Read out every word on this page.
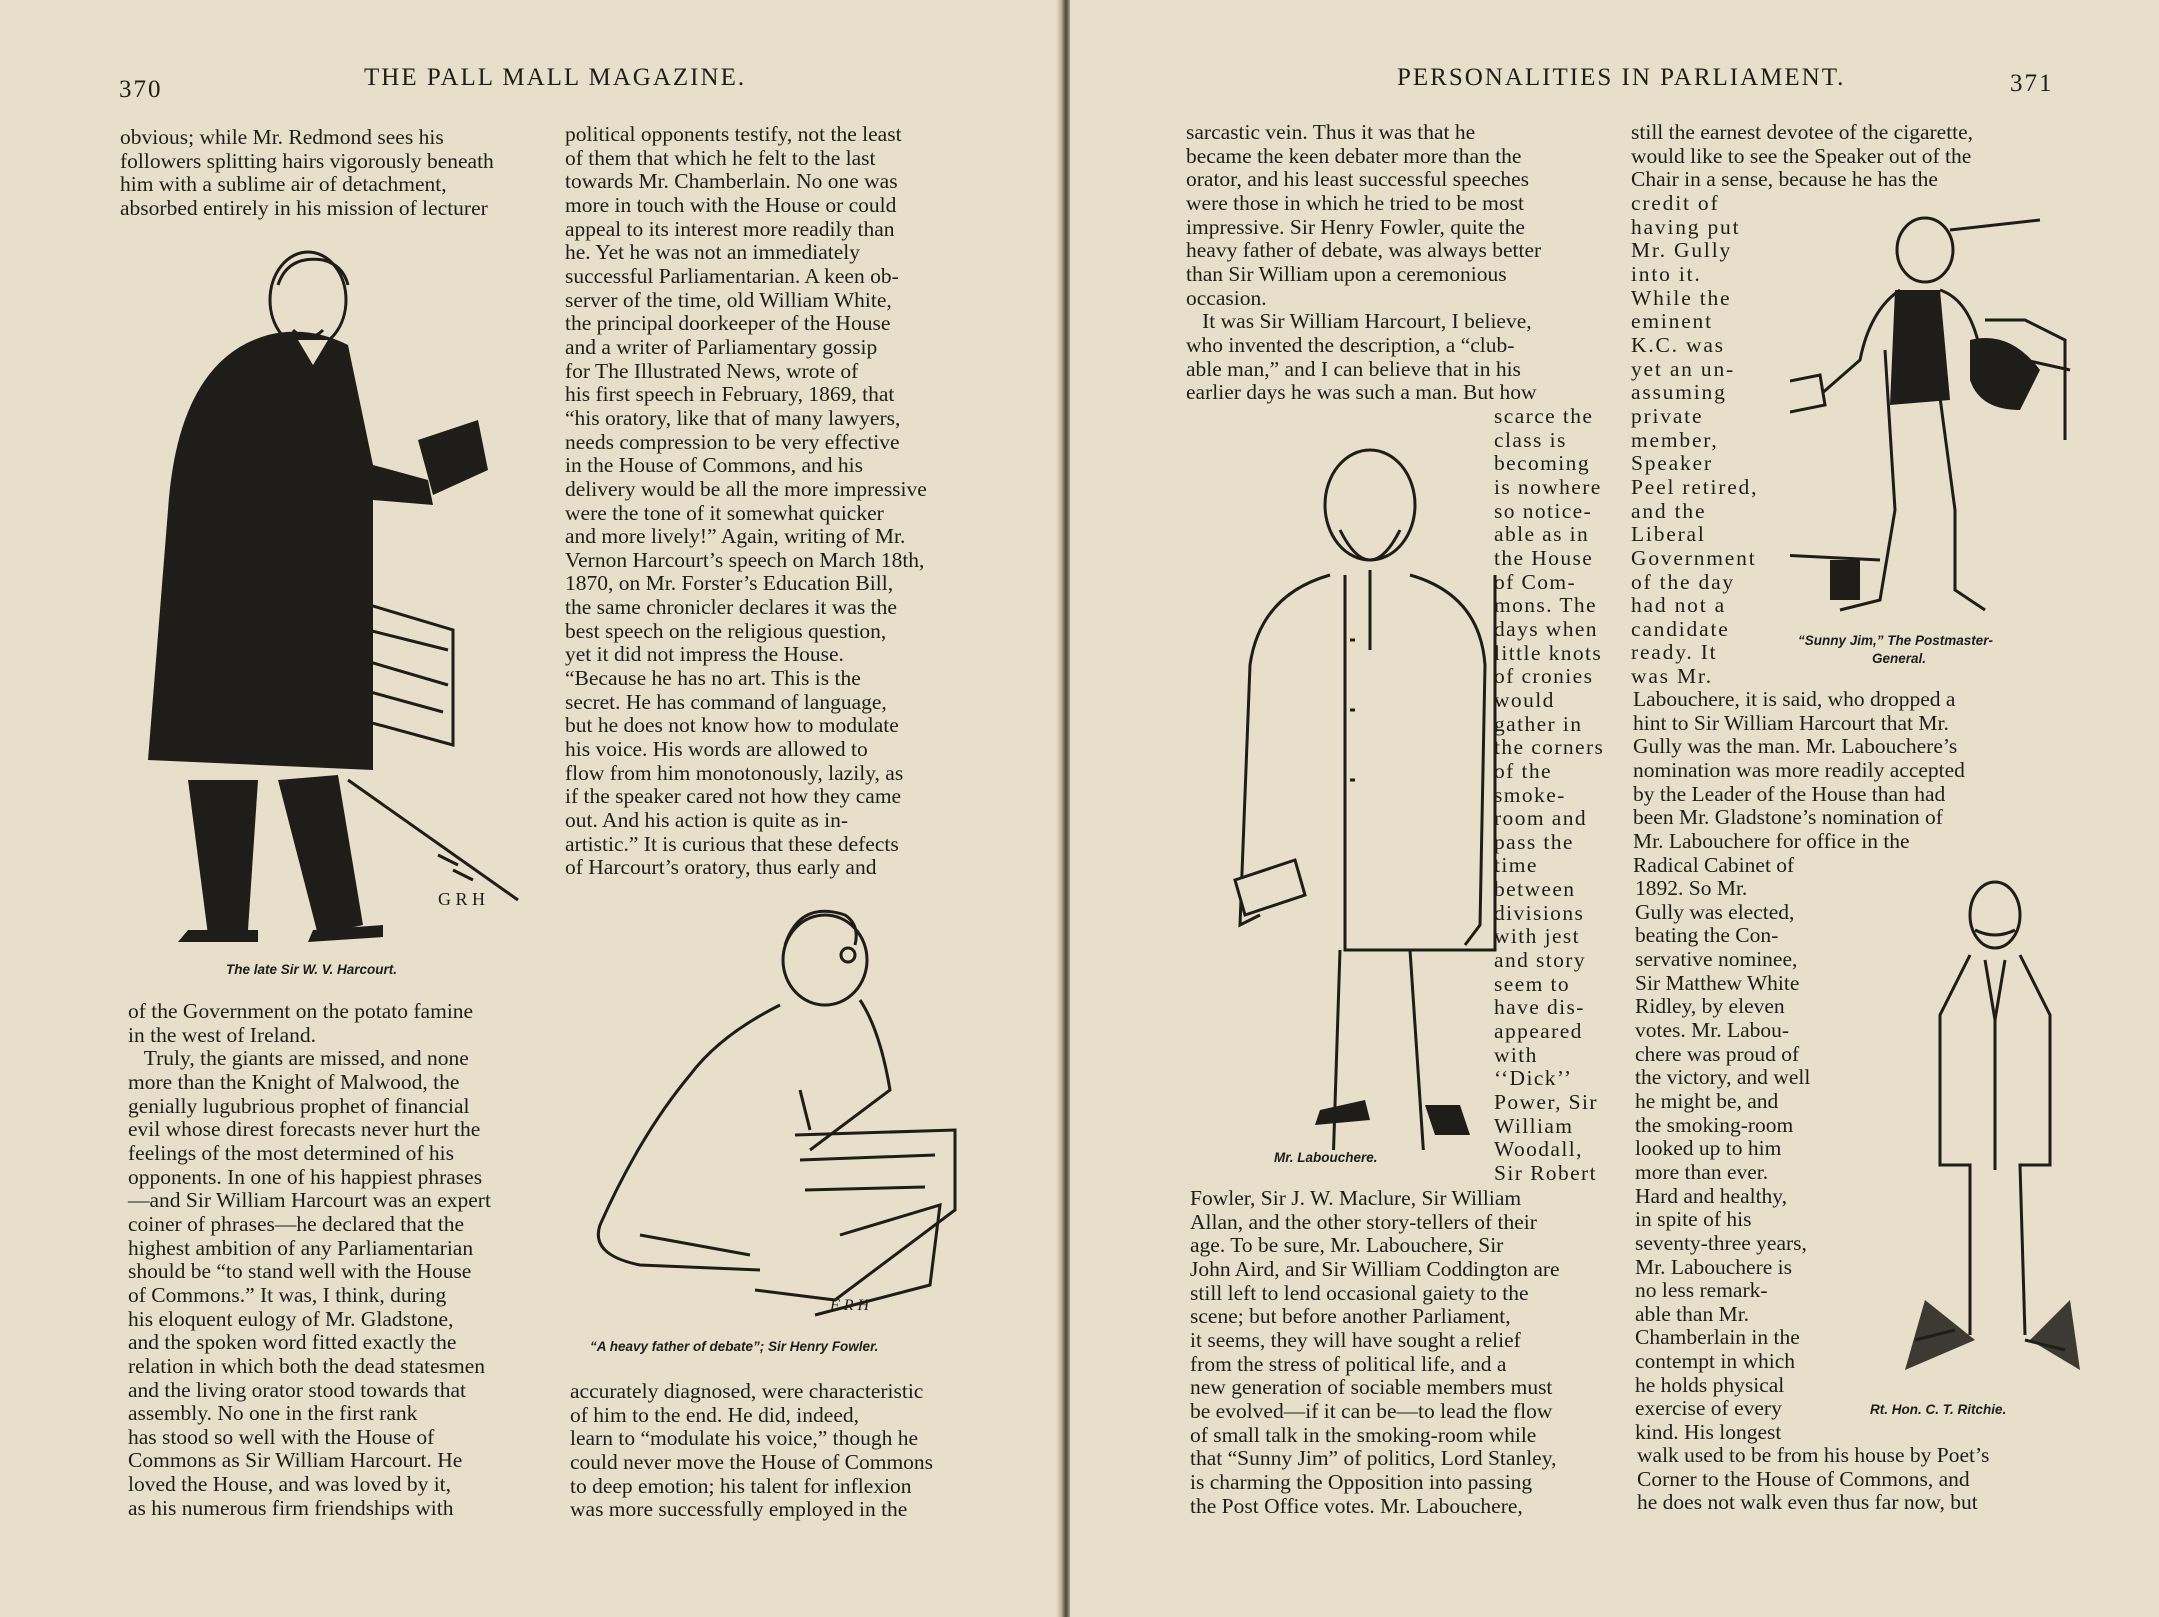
370	THE PALL MALL MAGAZINE.
obvious; while Mr. Redmond sees his
followers splitting hairs vigorously beneath
him with a sublime air of detachment,
absorbed entirely in his mission of lecturer
G R H
The late Sir W. V. Harcourt.
of the Government on the potato famine
in the west of Ireland.
Truly, the giants are missed, and none
more than the Knight of Malwood, the
genially lugubrious prophet of financial
evil whose direst forecasts never hurt the
feelings of the most determined of his
opponents. In one of his happiest phrases
—and Sir William Harcourt was an expert
coiner of phrases—he declared that the
highest ambition of any Parliamentarian
should be “to stand well with the House
of Commons.” It was, I think, during
his eloquent eulogy of Mr. Gladstone,
and the spoken word fitted exactly the
relation in which both the dead statesmen
and the living orator stood towards that
assembly. No one in the first rank
has stood so well with the House of
Commons as Sir William Harcourt. He
loved the House, and was loved by it,
as his numerous firm friendships with
political opponents testify, not the least
of them that which he felt to the last
towards Mr. Chamberlain. No one was
more in touch with the House or could
appeal to its interest more readily than
he. Yet he was not an immediately
successful Parliamentarian. A keen ob-
server of the time, old William White,
the principal doorkeeper of the House
and a writer of Parliamentary gossip
for The Illustrated News, wrote of
his first speech in February, 1869, that
“his oratory, like that of many lawyers,
needs compression to be very effective
in the House of Commons, and his
delivery would be all the more impressive
were the tone of it somewhat quicker
and more lively!” Again, writing of Mr.
Vernon Harcourt’s speech on March 18th,
1870, on Mr. Forster’s Education Bill,
the same chronicler declares it was the
best speech on the religious question,
yet it did not impress the House.
“Because he has no art. This is the
secret. He has command of language,
but he does not know how to modulate
his voice. His words are allowed to
flow from him monotonously, lazily, as
if the speaker cared not how they came
out. And his action is quite as in-
artistic.” It is curious that these defects
of Harcourt’s oratory, thus early and
F R H
“A heavy father of debate”; Sir Henry Fowler.
accurately diagnosed, were characteristic
of him to the end. He did, indeed,
learn to “modulate his voice,” though he
could never move the House of Commons
to deep emotion; his talent for inflexion
was more successfully employed in the
PERSONALITIES IN PARLIAMENT.	371
sarcastic vein. Thus it was that he
became the keen debater more than the
orator, and his least successful speeches
were those in which he tried to be most
impressive. Sir Henry Fowler, quite the
heavy father of debate, was always better
than Sir William upon a ceremonious
occasion.
It was Sir William Harcourt, I believe,
who invented the description, a “club-
able man,” and I can believe that in his
earlier days he was such a man. But how
Mr. Labouchere.
scarce the
class is
becoming
is nowhere
so notice-
able as in
the House
of Com-
mons. The
days when
little knots
of cronies
would
gather in
the corners
of the
smoke-
room and
pass the
time
between
divisions
with jest
and story
seem to
have dis-
appeared
with
‘‘Dick’’
Power, Sir
William
Woodall,
Sir Robert
Fowler, Sir J. W. Maclure, Sir William
Allan, and the other story-tellers of their
age. To be sure, Mr. Labouchere, Sir
John Aird, and Sir William Coddington are
still left to lend occasional gaiety to the
scene; but before another Parliament,
it seems, they will have sought a relief
from the stress of political life, and a
new generation of sociable members must
be evolved—if it can be—to lead the flow
of small talk in the smoking-room while
that “Sunny Jim” of politics, Lord Stanley,
is charming the Opposition into passing
the Post Office votes. Mr. Labouchere,
still the earnest devotee of the cigarette,
would like to see the Speaker out of the
Chair in a sense, because he has the
credit of
having put
Mr. Gully
into it.
While the
eminent
K.C. was
yet an un-
assuming
private
member,
Speaker
Peel retired,
and the
Liberal
Government
of the day
had not a
candidate
ready. It
was Mr.
“Sunny Jim,” The Postmaster-
General.
Labouchere, it is said, who dropped a
hint to Sir William Harcourt that Mr.
Gully was the man. Mr. Labouchere’s
nomination was more readily accepted
by the Leader of the House than had
been Mr. Gladstone’s nomination of
Mr. Labouchere for office in the
Radical Cabinet of
1892. So Mr.
Gully was elected,
beating the Con-
servative nominee,
Sir Matthew White
Ridley, by eleven
votes. Mr. Labou-
chere was proud of
the victory, and well
he might be, and
the smoking-room
looked up to him
more than ever.
Hard and healthy,
in spite of his
seventy-three years,
Mr. Labouchere is
no less remark-
able than Mr.
Chamberlain in the
contempt in which
he holds physical
exercise of every
kind. His longest
Rt. Hon. C. T. Ritchie.
walk used to be from his house by Poet’s
Corner to the House of Commons, and
he does not walk even thus far now, but
